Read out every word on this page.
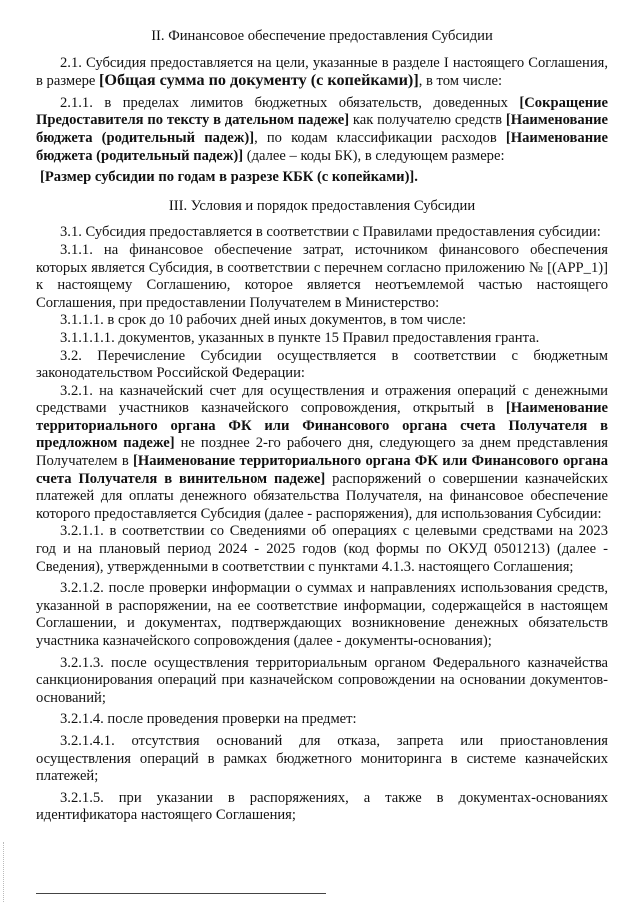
II. Финансовое обеспечение предоставления Субсидии

2.1. Субсидия предоставляется на цели, указанные в разделе I настоящего Соглашения, в размере [Общая сумма по документу (с копейками)], в том числе:

2.1.1. в пределах лимитов бюджетных обязательств, доведенных [Сокращение Предоставителя по тексту в дательном падеже] как получателю средств [Наименование бюджета (родительный падеж)], по кодам классификации расходов [Наименование бюджета (родительный падеж)] (далее – коды БК), в следующем размере:

[Размер субсидии по годам в разрезе КБК (с копейками)].

III. Условия и порядок предоставления Субсидии

3.1. Субсидия предоставляется в соответствии с Правилами предоставления субсидии:

3.1.1. на финансовое обеспечение затрат, источником финансового обеспечения которых является Субсидия, в соответствии с перечнем согласно приложению № [(APP_1)] к настоящему Соглашению, которое является неотъемлемой частью настоящего Соглашения, при предоставлении Получателем в Министерство:

3.1.1.1. в срок до 10 рабочих дней иных документов, в том числе:

3.1.1.1.1. документов, указанных в пункте 15 Правил предоставления гранта.

3.2. Перечисление Субсидии осуществляется в соответствии с бюджетным законодательством Российской Федерации:

3.2.1. на казначейский счет для осуществления и отражения операций с денежными средствами участников казначейского сопровождения, открытый в [Наименование территориального органа ФК или Финансового органа счета Получателя в предложном падеже] не позднее 2-го рабочего дня, следующего за днем представления Получателем в [Наименование территориального органа ФК или Финансового органа счета Получателя в винительном падеже] распоряжений о совершении казначейских платежей для оплаты денежного обязательства Получателя, на финансовое обеспечение которого предоставляется Субсидия (далее - распоряжения), для использования Субсидии:

3.2.1.1. в соответствии со Сведениями об операциях с целевыми средствами на 2023 год и на плановый период 2024 - 2025 годов (код формы по ОКУД 0501213) (далее - Сведения), утвержденными в соответствии с пунктами 4.1.3. настоящего Соглашения;

3.2.1.2. после проверки информации о суммах и направлениях использования средств, указанной в распоряжении, на ее соответствие информации, содержащейся в настоящем Соглашении, и документах, подтверждающих возникновение денежных обязательств участника казначейского сопровождения (далее - документы-основания);

3.2.1.3. после осуществления территориальным органом Федерального казначейства санкционирования операций при казначейском сопровождении на основании документов-оснований;

3.2.1.4. после проведения проверки на предмет:

3.2.1.4.1. отсутствия оснований для отказа, запрета или приостановления осуществления операций в рамках бюджетного мониторинга в системе казначейских платежей;

3.2.1.5. при указании в распоряжениях, а также в документах-основаниях идентификатора настоящего Соглашения;
